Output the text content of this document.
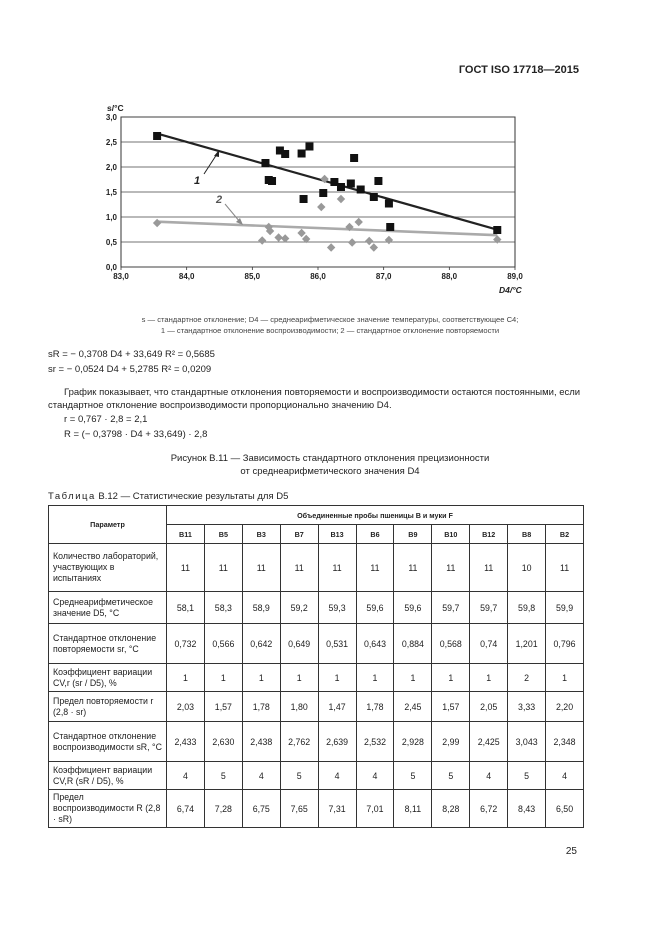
ГОСТ ISO 17718—2015
0,0
0,5
1,0
1,5
2,0
2,5
3,0
83,0	84,0	85,0	86,0	87,0	88,0	89,0
s/°C
D4/°C
1
2
s — стандартное отклонение; D4 — среднеарифметическое значение температуры, соответствующее C4;
1 — стандартное отклонение воспроизводимости; 2 — стандартное отклонение повторяемости
sR = − 0,3708 D4 + 33,649 R² = 0,5685
sr = − 0,0524 D4 + 5,2785 R² = 0,0209
График показывает, что стандартные отклонения повторяемости и воспроизводимости остаются постоянными, если стандартное отклонение воспроизводимости пропорционально значению D4.
r = 0,767 · 2,8 = 2,1
R = (− 0,3798 · D4 + 33,649) · 2,8
Рисунок В.11 — Зависимость стандартного отклонения прецизионности
от среднеарифметического значения D4
Таблица В.12 — Статистические результаты для D5
Параметр	Объединенные пробы пшеницы B и муки F										
	B11	B5	B3	B7	B13	B6	B9	B10	B12	B8	B2
Количество лабораторий, участвующих в испытаниях	11	11	11	11	11	11	11	11	11	10	11
Среднеарифметическое значение D5, °C	58,1	58,3	58,9	59,2	59,3	59,6	59,6	59,7	59,7	59,8	59,9
Стандартное отклонение повторяемости sr, °C	0,732	0,566	0,642	0,649	0,531	0,643	0,884	0,568	0,74	1,201	0,796
Коэффициент вариации CV,r (sr / D5), %	1	1	1	1	1	1	1	1	1	2	1
Предел повторяемости r (2,8 · sr)	2,03	1,57	1,78	1,80	1,47	1,78	2,45	1,57	2,05	3,33	2,20
Стандартное отклонение воспроизводимости sR, °C	2,433	2,630	2,438	2,762	2,639	2,532	2,928	2,99	2,425	3,043	2,348
Коэффициент вариации CV,R (sR / D5), %	4	5	4	5	4	4	5	5	4	5	4
Предел воспроизводимости R (2,8 · sR)	6,74	7,28	6,75	7,65	7,31	7,01	8,11	8,28	6,72	8,43	6,50
25
